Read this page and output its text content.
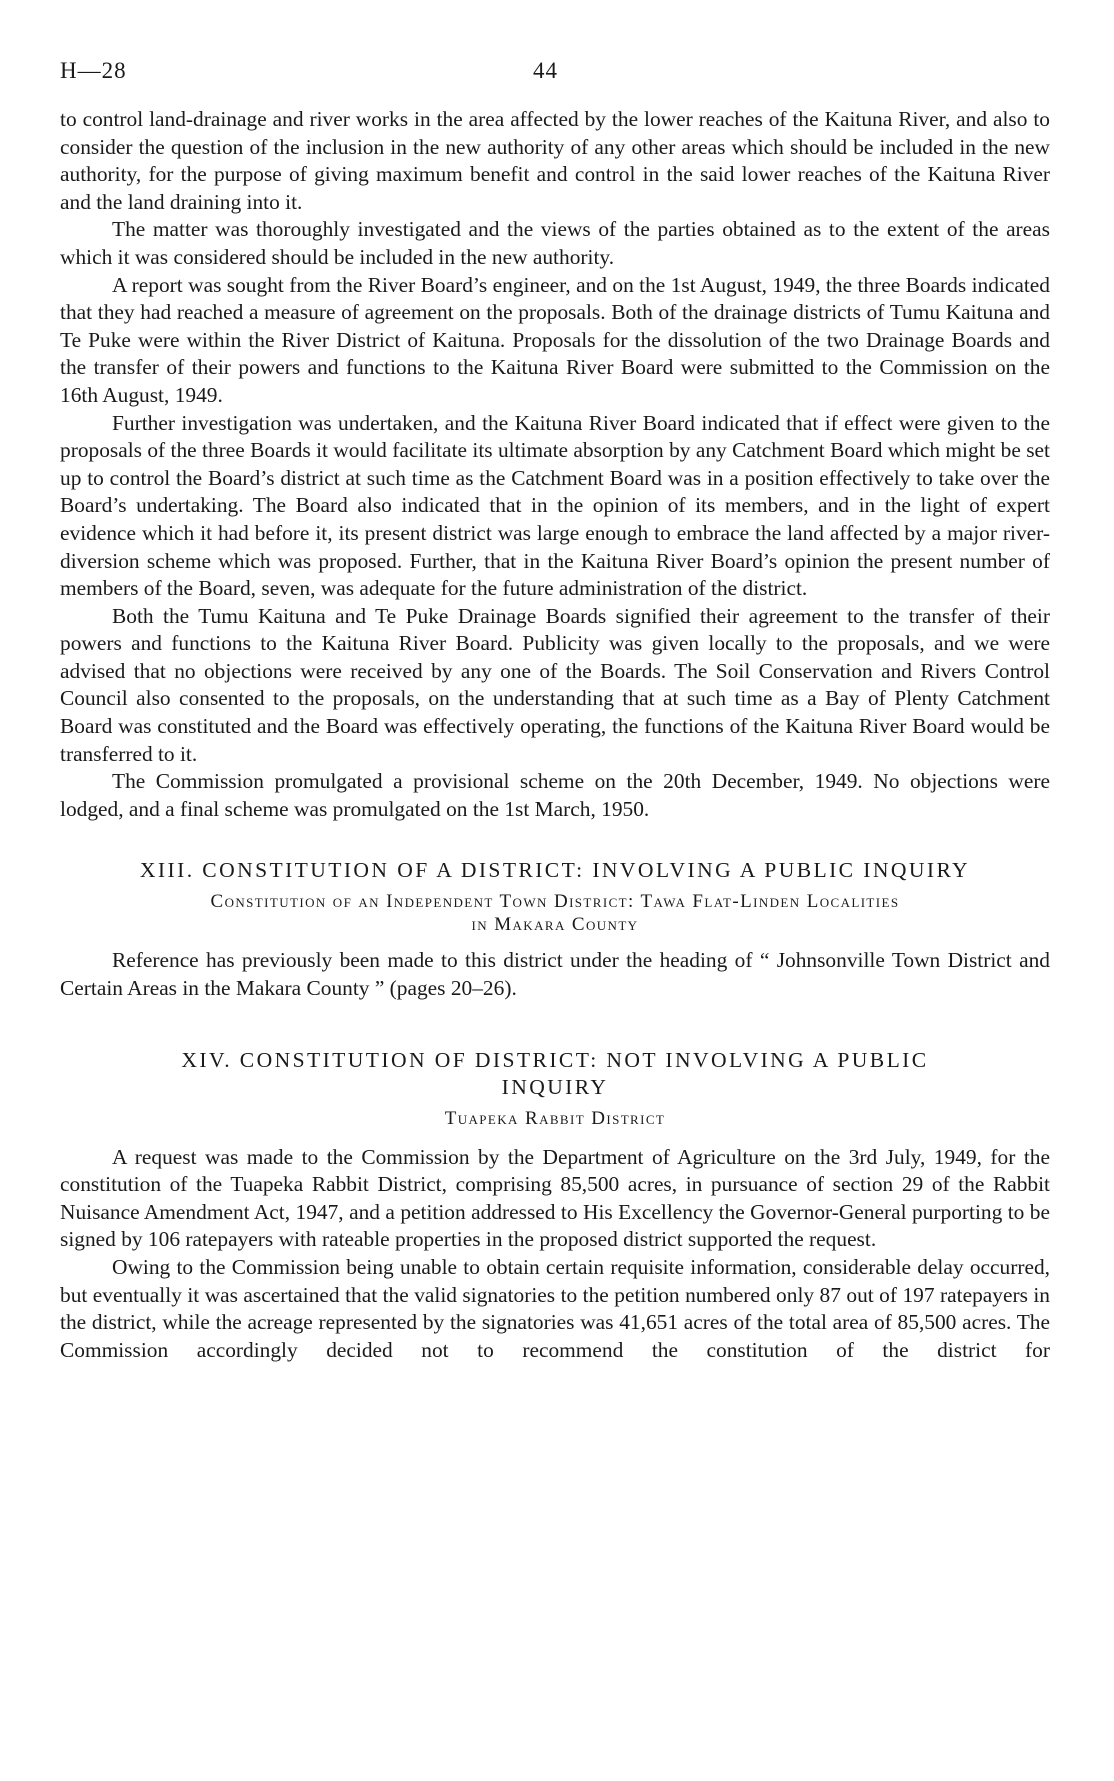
H—28	44

to control land-drainage and river works in the area affected by the lower reaches of the Kaituna River, and also to consider the question of the inclusion in the new authority of any other areas which should be included in the new authority, for the purpose of giving maximum benefit and control in the said lower reaches of the Kaituna River and the land draining into it.

The matter was thoroughly investigated and the views of the parties obtained as to the extent of the areas which it was considered should be included in the new authority.

A report was sought from the River Board’s engineer, and on the 1st August, 1949, the three Boards indicated that they had reached a measure of agreement on the proposals. Both of the drainage districts of Tumu Kaituna and Te Puke were within the River District of Kaituna. Proposals for the dissolution of the two Drainage Boards and the transfer of their powers and functions to the Kaituna River Board were submitted to the Commission on the 16th August, 1949.

Further investigation was undertaken, and the Kaituna River Board indicated that if effect were given to the proposals of the three Boards it would facilitate its ultimate absorption by any Catchment Board which might be set up to control the Board’s district at such time as the Catchment Board was in a position effectively to take over the Board’s undertaking. The Board also indicated that in the opinion of its members, and in the light of expert evidence which it had before it, its present district was large enough to embrace the land affected by a major river-diversion scheme which was proposed. Further, that in the Kaituna River Board’s opinion the present number of members of the Board, seven, was adequate for the future administration of the district.

Both the Tumu Kaituna and Te Puke Drainage Boards signified their agreement to the transfer of their powers and functions to the Kaituna River Board. Publicity was given locally to the proposals, and we were advised that no objections were received by any one of the Boards. The Soil Conservation and Rivers Control Council also consented to the proposals, on the understanding that at such time as a Bay of Plenty Catchment Board was constituted and the Board was effectively operating, the functions of the Kaituna River Board would be transferred to it.

The Commission promulgated a provisional scheme on the 20th December, 1949. No objections were lodged, and a final scheme was promulgated on the 1st March, 1950.

XIII. CONSTITUTION OF A DISTRICT: INVOLVING A PUBLIC INQUIRY
Constitution of an Independent Town District: Tawa Flat-Linden Localities
in Makara County

Reference has previously been made to this district under the heading of “ Johnsonville Town District and Certain Areas in the Makara County ” (pages 20–26).

XIV. CONSTITUTION OF DISTRICT: NOT INVOLVING A PUBLIC
INQUIRY
Tuapeka Rabbit District

A request was made to the Commission by the Department of Agriculture on the 3rd July, 1949, for the constitution of the Tuapeka Rabbit District, comprising 85,500 acres, in pursuance of section 29 of the Rabbit Nuisance Amendment Act, 1947, and a petition addressed to His Excellency the Governor-General purporting to be signed by 106 ratepayers with rateable properties in the proposed district supported the request.

Owing to the Commission being unable to obtain certain requisite information, considerable delay occurred, but eventually it was ascertained that the valid signatories to the petition numbered only 87 out of 197 ratepayers in the district, while the acreage represented by the signatories was 41,651 acres of the total area of 85,500 acres. The Commission accordingly decided not to recommend the constitution of the district for
